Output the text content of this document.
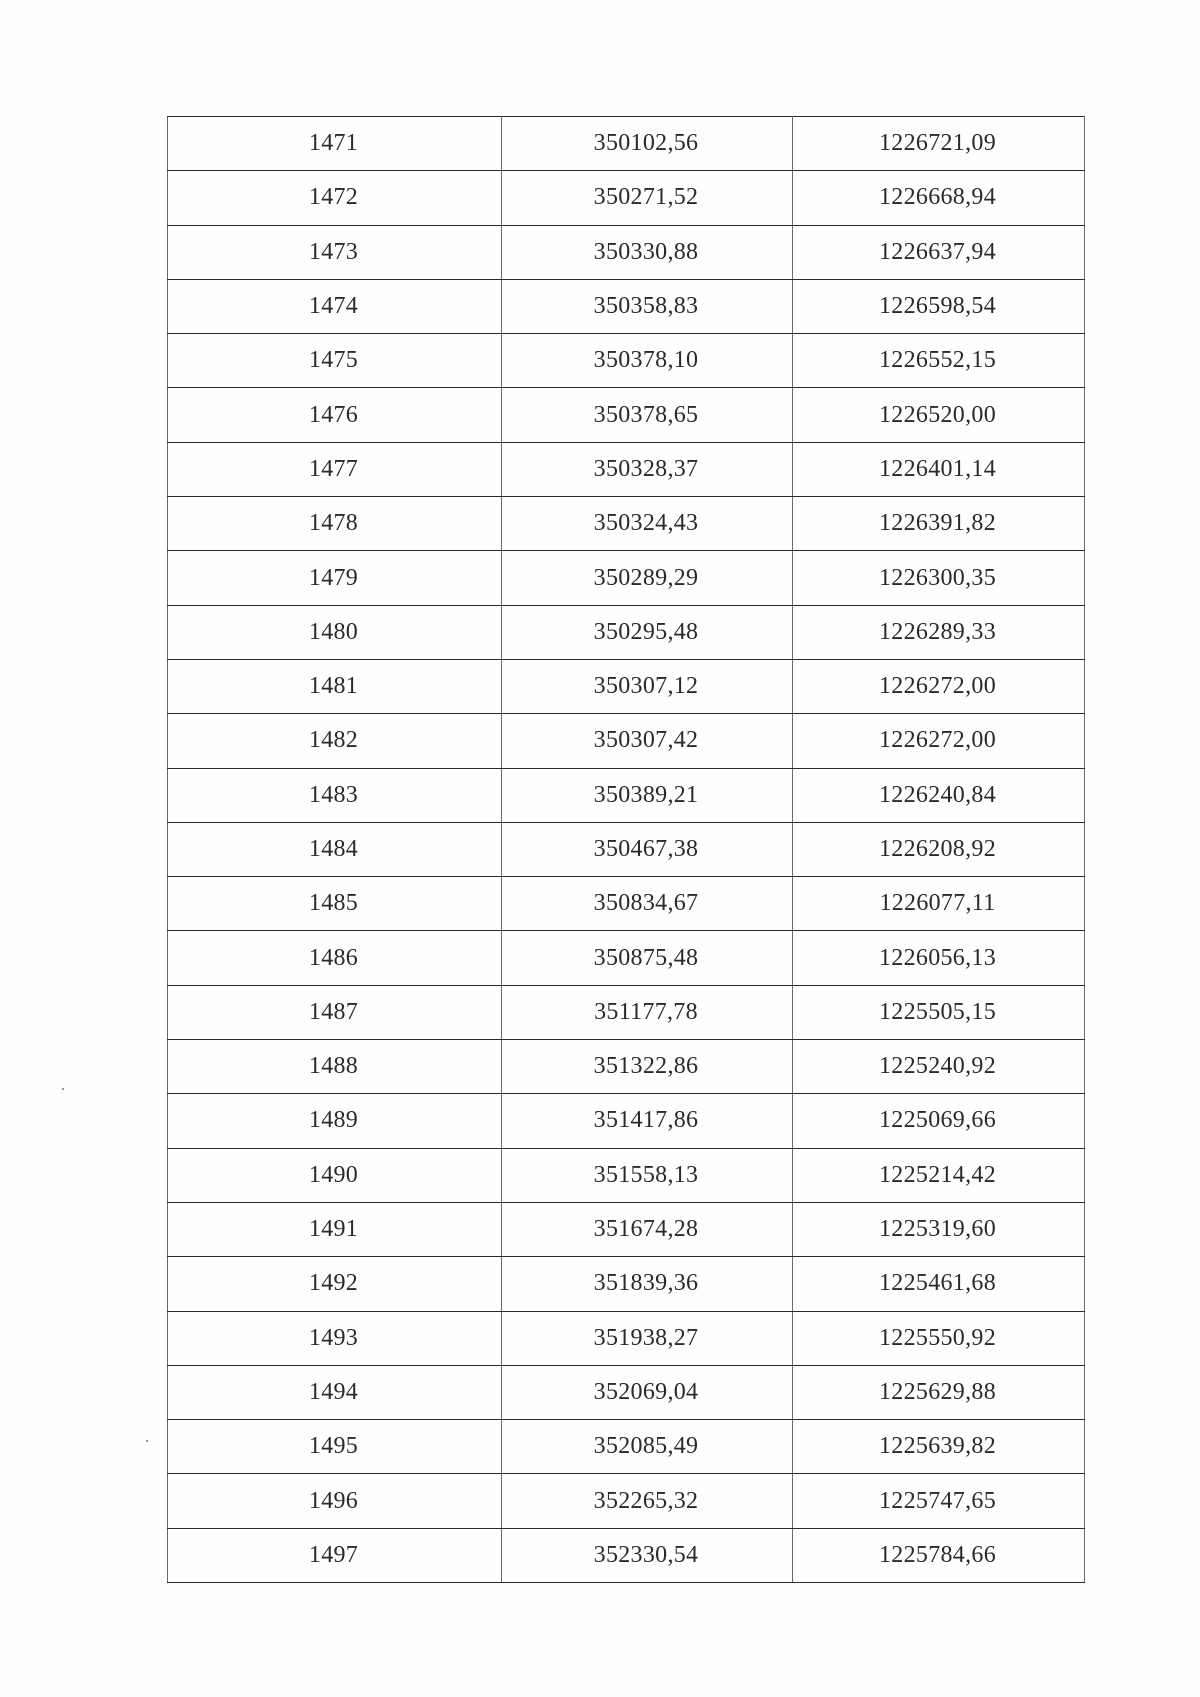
1471	350102,56	1226721,09
1472	350271,52	1226668,94
1473	350330,88	1226637,94
1474	350358,83	1226598,54
1475	350378,10	1226552,15
1476	350378,65	1226520,00
1477	350328,37	1226401,14
1478	350324,43	1226391,82
1479	350289,29	1226300,35
1480	350295,48	1226289,33
1481	350307,12	1226272,00
1482	350307,42	1226272,00
1483	350389,21	1226240,84
1484	350467,38	1226208,92
1485	350834,67	1226077,11
1486	350875,48	1226056,13
1487	351177,78	1225505,15
1488	351322,86	1225240,92
1489	351417,86	1225069,66
1490	351558,13	1225214,42
1491	351674,28	1225319,60
1492	351839,36	1225461,68
1493	351938,27	1225550,92
1494	352069,04	1225629,88
1495	352085,49	1225639,82
1496	352265,32	1225747,65
1497	352330,54	1225784,66
